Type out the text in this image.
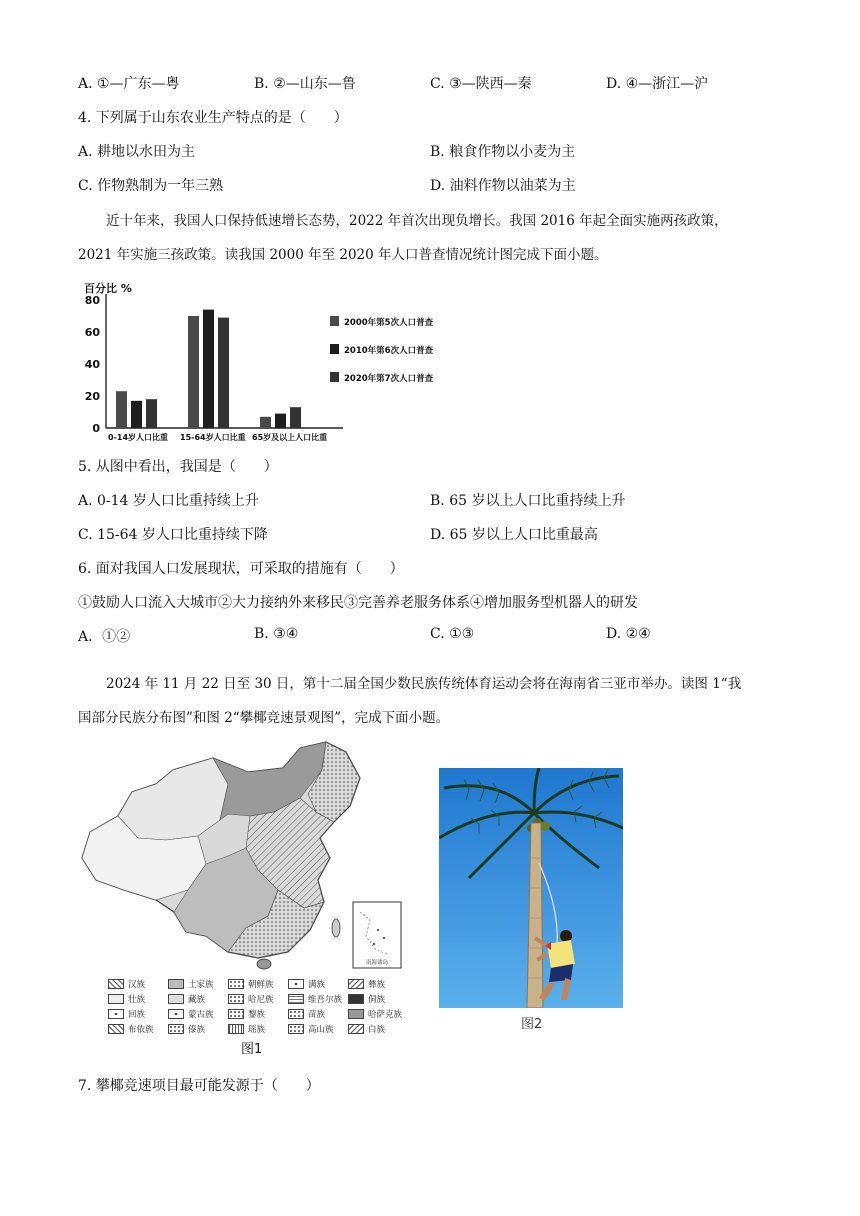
A. ①—广东—粤	B. ②—山东—鲁	C. ③—陕西—秦	D. ④—浙江—沪
4. 下列属于山东农业生产特点的是（　　）
A. 耕地以水田为主	B. 粮食作物以小麦为主
C. 作物熟制为一年三熟	D. 油料作物以油菜为主
近十年来，我国人口保持低速增长态势，2022 年首次出现负增长。我国 2016 年起全面实施两孩政策，
2021 年实施三孩政策。读我国 2000 年至 2020 年人口普查情况统计图完成下面小题。
百分比 %
80
60
40
20
0
0-14岁人口比重 15-64岁人口比重 65岁及以上人口比重
2000年第5次人口普查
2010年第6次人口普查
2020年第7次人口普查
5. 从图中看出，我国是（　　）
A. 0-14 岁人口比重持续上升	B. 65 岁以上人口比重持续上升
C. 15-64 岁人口比重持续下降	D. 65 岁以上人口比重最高
6. 面对我国人口发展现状，可采取的措施有（　　）
①鼓励人口流入大城市②大力接纳外来移民③完善养老服务体系④增加服务型机器人的研发
A．①②	B. ③④	C. ①③	D. ②④
2024 年 11 月 22 日至 30 日，第十二届全国少数民族传统体育运动会将在海南省三亚市举办。读图 1“我
国部分民族分布图”和图 2“攀椰竞速景观图”，完成下面小题。
南海诸岛
汉族	土家族	朝鲜族	满族	彝族
壮族	藏族	哈尼族	维吾尔族	侗族
回族	蒙古族	黎族	苗族	哈萨克族
布依族	傣族	瑶族	高山族	白族
图1
图2
7. 攀椰竞速项目最可能发源于（　　）
